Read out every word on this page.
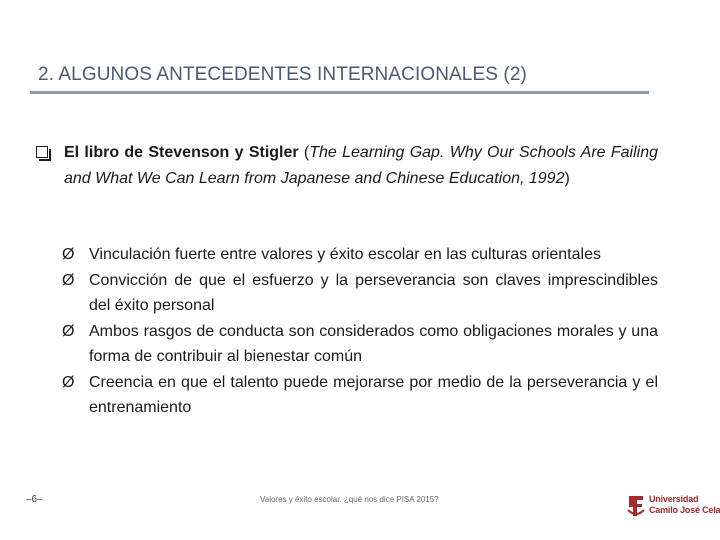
2. ALGUNOS ANTECEDENTES INTERNACIONALES (2)
El libro de Stevenson y Stigler (The Learning Gap. Why Our Schools Are Failing and What We Can Learn from Japanese and Chinese Education, 1992)
Ø Vinculación fuerte entre valores y éxito escolar en las culturas orientales
Ø Convicción de que el esfuerzo y la perseverancia son claves imprescindibles del éxito personal
Ø Ambos rasgos de conducta son considerados como obligaciones morales y una forma de contribuir al bienestar común
Ø Creencia en que el talento puede mejorarse por medio de la perseverancia y el entrenamiento
–6–	Valores y éxito escolar. ¿qué nos dice PISA 2015?	Universidad
Camilo José Cela
